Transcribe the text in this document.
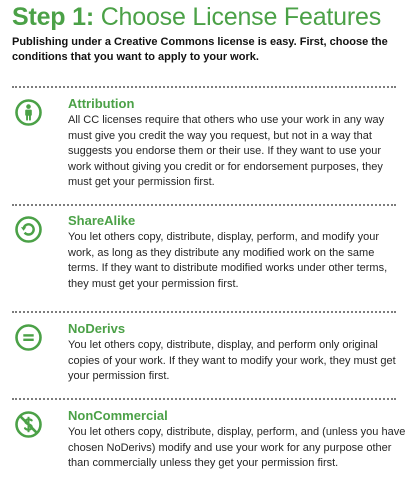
Step 1: Choose License Features

Publishing under a Creative Commons license is easy. First, choose the conditions that you want to apply to your work.

Attribution

All CC licenses require that others who use your work in any way must give you credit the way you request, but not in a way that suggests you endorse them or their use. If they want to use your work without giving you credit or for endorsement purposes, they must get your permission first.

ShareAlike

You let others copy, distribute, display, perform, and modify your work, as long as they distribute any modified work on the same terms. If they want to distribute modified works under other terms, they must get your permission first.

NoDerivs

You let others copy, distribute, display, and perform only original copies of your work. If they want to modify your work, they must get your permission first.

NonCommercial

You let others copy, distribute, display, perform, and (unless you have chosen NoDerivs) modify and use your work for any purpose other than commercially unless they get your permission first.
